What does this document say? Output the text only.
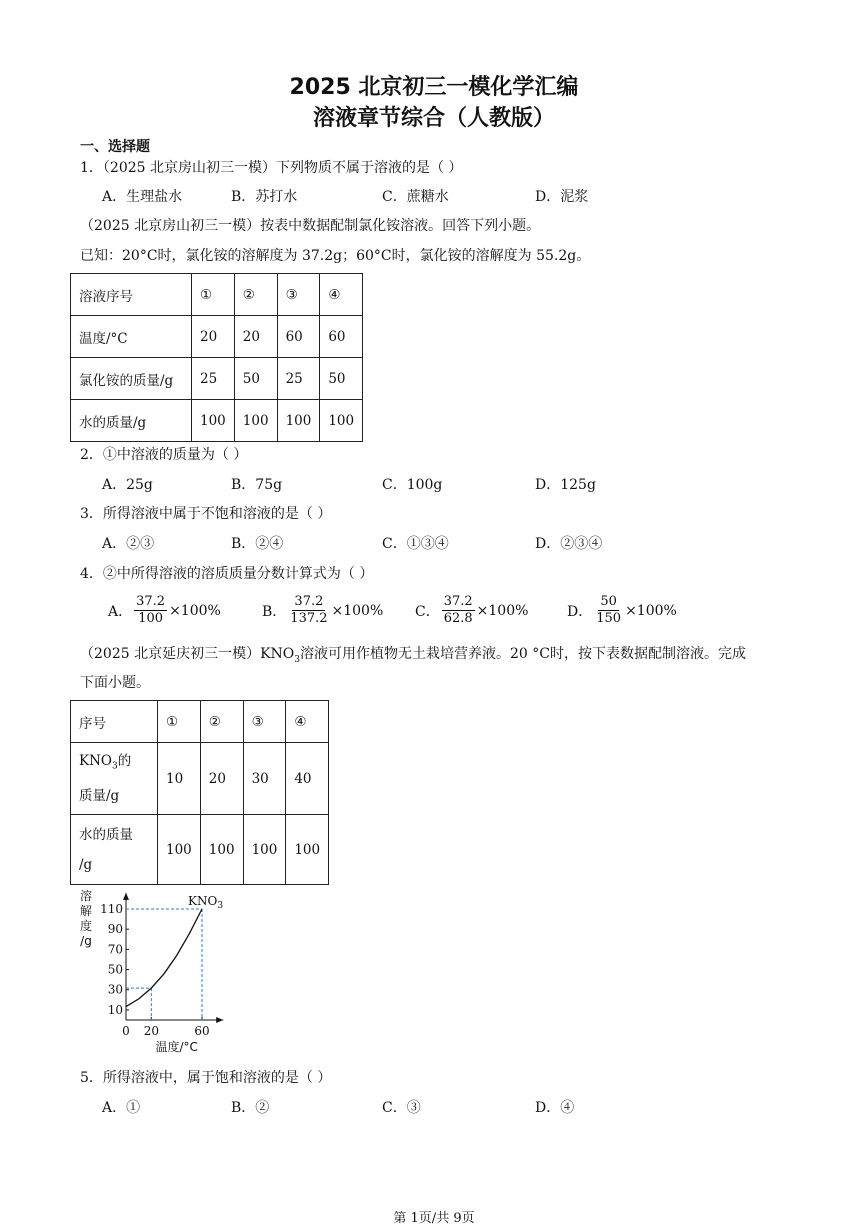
2025 北京初三一模化学汇编
溶液章节综合（人教版）
一、选择题
1．（2025 北京房山初三一模）下列物质不属于溶液的是（ ）
A．生理盐水	B．苏打水	C．蔗糖水	D．泥浆
（2025 北京房山初三一模）按表中数据配制氯化铵溶液。回答下列小题。
已知：20°C时，氯化铵的溶解度为 37.2g；60°C时，氯化铵的溶解度为 55.2g。
溶液序号	①	②	③	④
温度/°C	20	20	60	60
氯化铵的质量/g	25	50	25	50
水的质量/g	100	100	100	100
2．①中溶液的质量为（ ）
A．25g	B．75g	C．100g	D．125g
3．所得溶液中属于不饱和溶液的是（ ）
A．②③	B．②④	C．①③④	D．②③④
4．②中所得溶液的溶质质量分数计算式为（ ）
A． $\frac{37.2}{100} \times 100\%$	B． $\frac{37.2}{137.2} \times 100\%$ C． $\frac{37.2}{62.8} \times 100\%$	D． $\frac{50}{150} \times 100\%$
（2025 北京延庆初三一模）$KNO_3$溶液可用作植物无土栽培营养液。20 °C时，按下表数据配制溶液。完成
下面小题。
序号	①	②	③	④
$KNO_3$的
质量/g	10	20	30	40
水的质量
/g	100	100	100	100
10
30
50
70
90
110
0 20	60
$KNO_3$
溶
解
度
/g
温度/°C
5．所得溶液中，属于饱和溶液的是（ ）
A．①	B．②	C．③	D．④
第 1页/共 9页
